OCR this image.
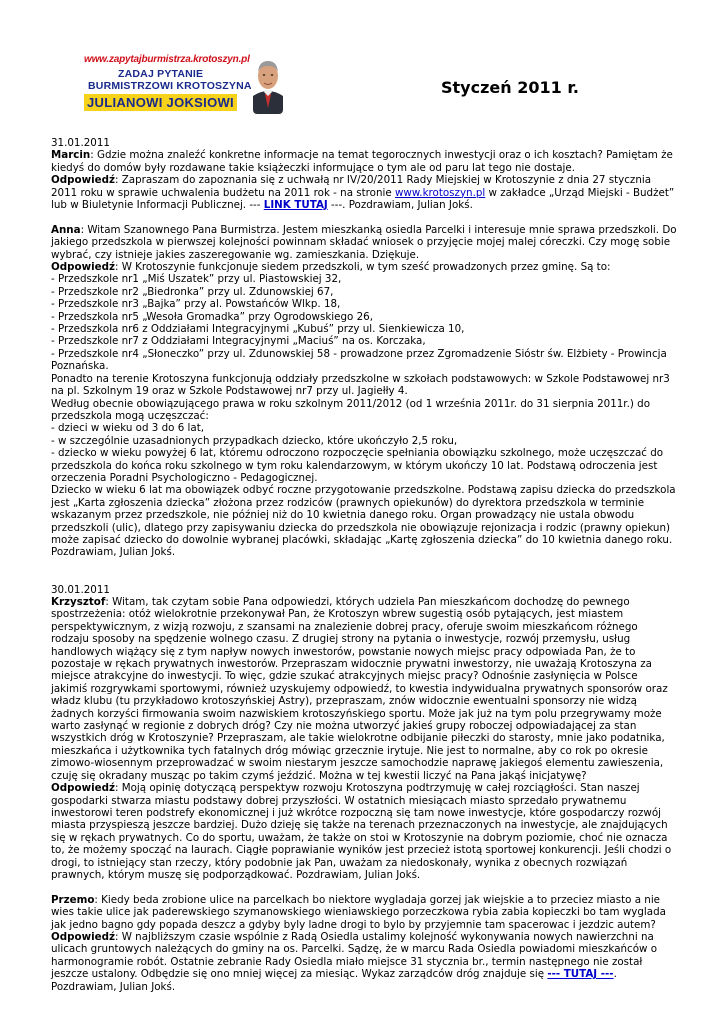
www.zapytajburmistrza.krotoszyn.pl
ZADAJ PYTANIE
BURMISTRZOWI KROTOSZYNA
JULIANOWI JOKSIOWI
Styczeń 2011 r.

31.01.2011

Marcin: Gdzie można znaleźć konkretne informacje na temat tegorocznych inwestycji oraz o ich kosztach? Pamiętam że kiedyś do domów były rozdawane takie książeczki informujące o tym ale od paru lat tego nie dostaje.

Odpowiedź: Zapraszam do zapoznania się z uchwałą nr IV/20/2011 Rady Miejskiej w Krotoszynie z dnia 27 stycznia 2011 roku w sprawie uchwalenia budżetu na 2011 rok - na stronie www.krotoszyn.pl w zakładce „Urząd Miejski - Budżet” lub w Biuletynie Informacji Publicznej. --- LINK TUTAJ ---. Pozdrawiam, Julian Jokś.

Anna: Witam Szanownego Pana Burmistrza. Jestem mieszkanką osiedla Parcelki i interesuje mnie sprawa przedszkoli. Do jakiego przedszkola w pierwszej kolejności powinnam składać wniosek o przyjęcie mojej malej córeczki. Czy mogę sobie wybrać, czy istnieje jakies zaszeregowanie wg. zamieszkania. Dziękuje.

Odpowiedź: W Krotoszynie funkcjonuje siedem przedszkoli, w tym sześć prowadzonych przez gminę. Są to:

- Przedszkole nr1 „Miś Uszatek” przy ul. Piastowskiej 32,

- Przedszkole nr2 „Biedronka” przy ul. Zdunowskiej 67,

- Przedszkole nr3 „Bajka” przy al. Powstańców Wlkp. 18,

- Przedszkola nr5 „Wesoła Gromadka” przy Ogrodowskiego 26,

- Przedszkola nr6 z Oddziałami Integracyjnymi „Kubuś” przy ul. Sienkiewicza 10,

- Przedszkole nr7 z Oddziałami Integracyjnymi „Maciuś” na os. Korczaka,

- Przedszkole nr4 „Słoneczko” przy ul. Zdunowskiej 58 - prowadzone przez Zgromadzenie Sióstr św. Elżbiety - Prowincja Poznańska.

Ponadto na terenie Krotoszyna funkcjonują oddziały przedszkolne w szkołach podstawowych: w Szkole Podstawowej nr3 na pl. Szkolnym 19 oraz w Szkole Podstawowej nr7 przy ul. Jagiełły 4.

Według obecnie obowiązującego prawa w roku szkolnym 2011/2012 (od 1 września 2011r. do 31 sierpnia 2011r.) do przedszkola mogą uczęszczać:

- dzieci w wieku od 3 do 6 lat,

- w szczególnie uzasadnionych przypadkach dziecko, które ukończyło 2,5 roku,

- dziecko w wieku powyżej 6 lat, któremu odroczono rozpoczęcie spełniania obowiązku szkolnego, może uczęszczać do przedszkola do końca roku szkolnego w tym roku kalendarzowym, w którym ukończy 10 lat. Podstawą odroczenia jest orzeczenia Poradni Psychologiczno - Pedagogicznej.

Dziecko w wieku 6 lat ma obowiązek odbyć roczne przygotowanie przedszkolne. Podstawą zapisu dziecka do przedszkola jest „Karta zgłoszenia dziecka” złożona przez rodziców (prawnych opiekunów) do dyrektora przedszkola w terminie wskazanym przez przedszkole, nie później niż do 10 kwietnia danego roku. Organ prowadzący nie ustala obwodu przedszkoli (ulic), dlatego przy zapisywaniu dziecka do przedszkola nie obowiązuje rejonizacja i rodzic (prawny opiekun) może zapisać dziecko do dowolnie wybranej placówki, składając „Kartę zgłoszenia dziecka” do 10 kwietnia danego roku. Pozdrawiam, Julian Jokś.

30.01.2011

Krzysztof: Witam, tak czytam sobie Pana odpowiedzi, których udziela Pan mieszkańcom dochodzę do pewnego spostrzeżenia: otóż wielokrotnie przekonywał Pan, że Krotoszyn wbrew sugestią osób pytających, jest miastem perspektywicznym, z wizją rozwoju, z szansami na znalezienie dobrej pracy, oferuje swoim mieszkańcom różnego rodzaju sposoby na spędzenie wolnego czasu. Z drugiej strony na pytania o inwestycje, rozwój przemysłu, usług handlowych wiążący się z tym napływ nowych inwestorów, powstanie nowych miejsc pracy odpowiada Pan, że to pozostaje w rękach prywatnych inwestorów. Przepraszam widocznie prywatni inwestorzy, nie uważają Krotoszyna za miejsce atrakcyjne do inwestycji. To więc, gdzie szukać atrakcyjnych miejsc pracy? Odnośnie zasłynięcia w Polsce jakimiś rozgrywkami sportowymi, również uzyskujemy odpowiedź, to kwestia indywidualna prywatnych sponsorów oraz władz klubu (tu przykładowo krotoszyńskiej Astry), przepraszam, znów widocznie ewentualni sponsorzy nie widzą żadnych korzyści firmowania swoim nazwiskiem krotoszyńskiego sportu. Może jak już na tym polu przegrywamy może warto zasłynąć w regionie z dobrych dróg? Czy nie można utworzyć jakieś grupy roboczej odpowiadającej za stan wszystkich dróg w Krotoszynie? Przepraszam, ale takie wielokrotne odbijanie piłeczki do starosty, mnie jako podatnika, mieszkańca i użytkownika tych fatalnych dróg mówiąc grzecznie irytuje. Nie jest to normalne, aby co rok po okresie zimowo-wiosennym przeprowadzać w swoim niestarym jeszcze samochodzie naprawę jakiegoś elementu zawieszenia, czuję się okradany musząc po takim czymś jeździć. Można w tej kwestii liczyć na Pana jakąś inicjatywę?

Odpowiedź: Moją opinię dotyczącą perspektyw rozwoju Krotoszyna podtrzymuję w całej rozciągłości. Stan naszej gospodarki stwarza miastu podstawy dobrej przyszłości. W ostatnich miesiącach miasto sprzedało prywatnemu inwestorowi teren podstrefy ekonomicznej i już wkrótce rozpoczną się tam nowe inwestycje, które gospodarczy rozwój miasta przyspieszą jeszcze bardziej. Dużo dzieję się także na terenach przeznaczonych na inwestycje, ale znajdujących się w rękach prywatnych. Co do sportu, uważam, że także on stoi w Krotoszynie na dobrym poziomie, choć nie oznacza to, że możemy spocząć na laurach. Ciągłe poprawianie wyników jest przecież istotą sportowej konkurencji. Jeśli chodzi o drogi, to istniejący stan rzeczy, który podobnie jak Pan, uważam za niedoskonały, wynika z obecnych rozwiązań prawnych, którym muszę się podporządkować. Pozdrawiam, Julian Jokś.

Przemo: Kiedy beda zrobione ulice na parcelkach bo niektore wygladaja gorzej jak wiejskie a to przeciez miasto a nie wies takie ulice jak paderewskiego szymanowskiego wieniawskiego porzeczkowa rybia zabia kopieczki bo tam wyglada jak jedno bagno gdy popada deszcz a gdyby byly ladne drogi to bylo by przyjemnie tam spacerowac i jezdzic autem?

Odpowiedź: W najbliższym czasie wspólnie z Radą Osiedla ustalimy kolejność wykonywania nowych nawierzchni na ulicach gruntowych należących do gminy na os. Parcelki. Sądzę, że w marcu Rada Osiedla powiadomi mieszkańców o harmonogramie robót. Ostatnie zebranie Rady Osiedla miało miejsce 31 stycznia br., termin następnego nie został jeszcze ustalony. Odbędzie się ono mniej więcej za miesiąc. Wykaz zarządców dróg znajduje się --- TUTAJ ---. Pozdrawiam, Julian Jokś.
